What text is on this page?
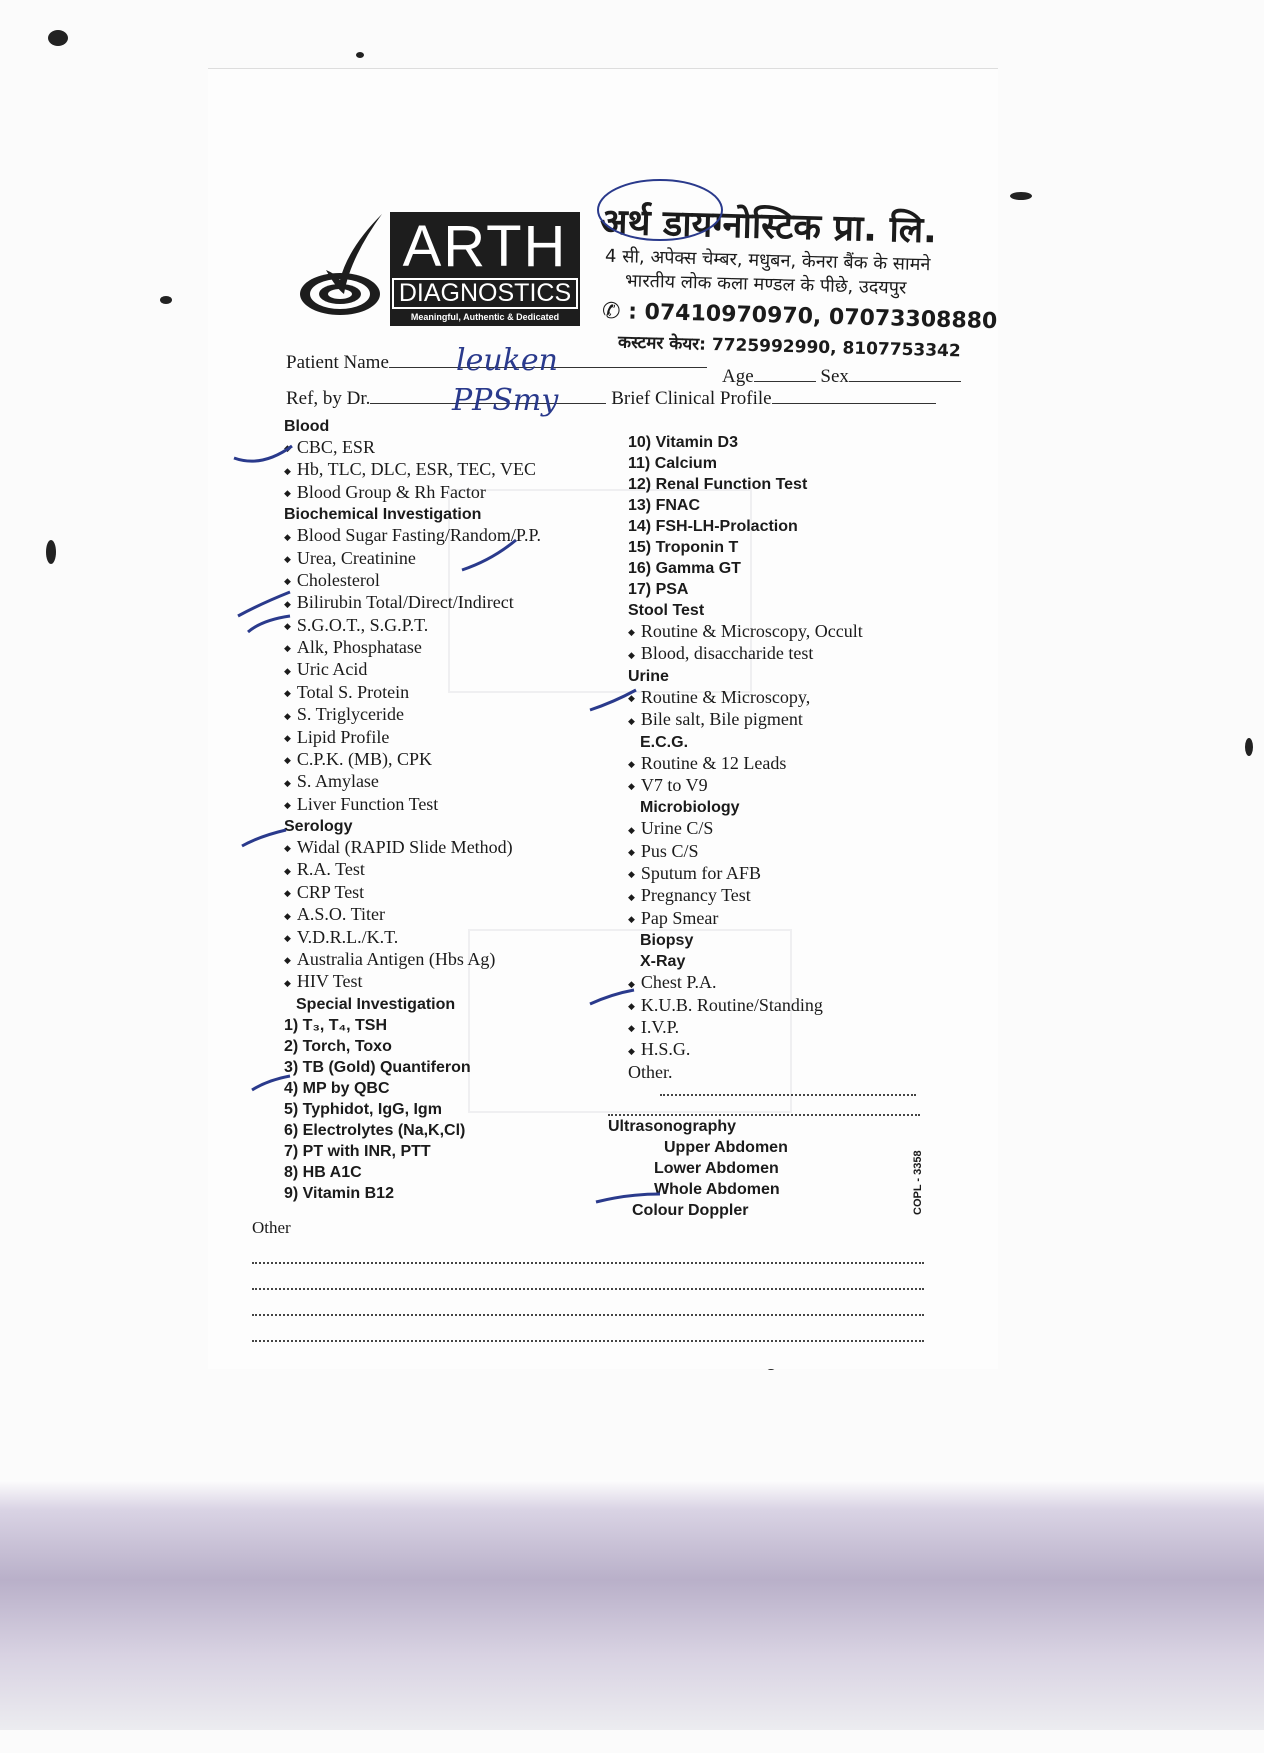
ARTH
DIAGNOSTICS
Meaningful, Authentic & Dedicated
अर्थ डायग्नोस्टिक प्रा. लि.
4 सी, अपेक्स चेम्बर, मधुबन, केनरा बैंक के सामने
भारतीय लोक कला मण्डल के पीछे, उदयपुर
✆ : 07410970970, 07073308880
कस्टमर केयर: 7725992990, 8107753342
Patient Name
Age	Sex
Ref, by Dr.	Brief Clinical Profile
Blood
◆ CBC, ESR
◆ Hb, TLC, DLC, ESR, TEC, VEC
◆ Blood Group & Rh Factor
Biochemical Investigation
◆ Blood Sugar Fasting/Random/P.P.
◆ Urea, Creatinine
◆ Cholesterol
◆ Bilirubin Total/Direct/Indirect
◆ S.G.O.T., S.G.P.T.
◆ Alk, Phosphatase
◆ Uric Acid
◆ Total S. Protein
◆ S. Triglyceride
◆ Lipid Profile
◆ C.P.K. (MB), CPK
◆ S. Amylase
◆ Liver Function Test
Serology
◆ Widal (RAPID Slide Method)
◆ R.A. Test
◆ CRP Test
◆ A.S.O. Titer
◆ V.D.R.L./K.T.
◆ Australia Antigen (Hbs Ag)
◆ HIV Test
Special Investigation
1) T₃, T₄, TSH
2) Torch, Toxo
3) TB (Gold) Quantiferon
4) MP by QBC
5) Typhidot, IgG, Igm
6) Electrolytes (Na,K,Cl)
7) PT with INR, PTT
8) HB A1C
9) Vitamin B12
10) Vitamin D3
11) Calcium
12) Renal Function Test
13) FNAC
14) FSH-LH-Prolaction
15) Troponin T
16) Gamma GT
17) PSA
Stool Test
◆ Routine & Microscopy, Occult
◆ Blood, disaccharide test
Urine
◆ Routine & Microscopy,
◆ Bile salt, Bile pigment
E.C.G.
◆ Routine & 12 Leads
◆ V7 to V9
Microbiology
◆ Urine C/S
◆ Pus C/S
◆ Sputum for AFB
◆ Pregnancy Test
◆ Pap Smear
Biopsy
X-Ray
◆ Chest P.A.
◆ K.U.B. Routine/Standing
◆ I.V.P.
◆ H.S.G.
Other.
Ultrasonography
Upper Abdomen
Lower Abdomen
Whole Abdomen
Colour Doppler
Other
COPL - 3358
leuken
PPSmy
